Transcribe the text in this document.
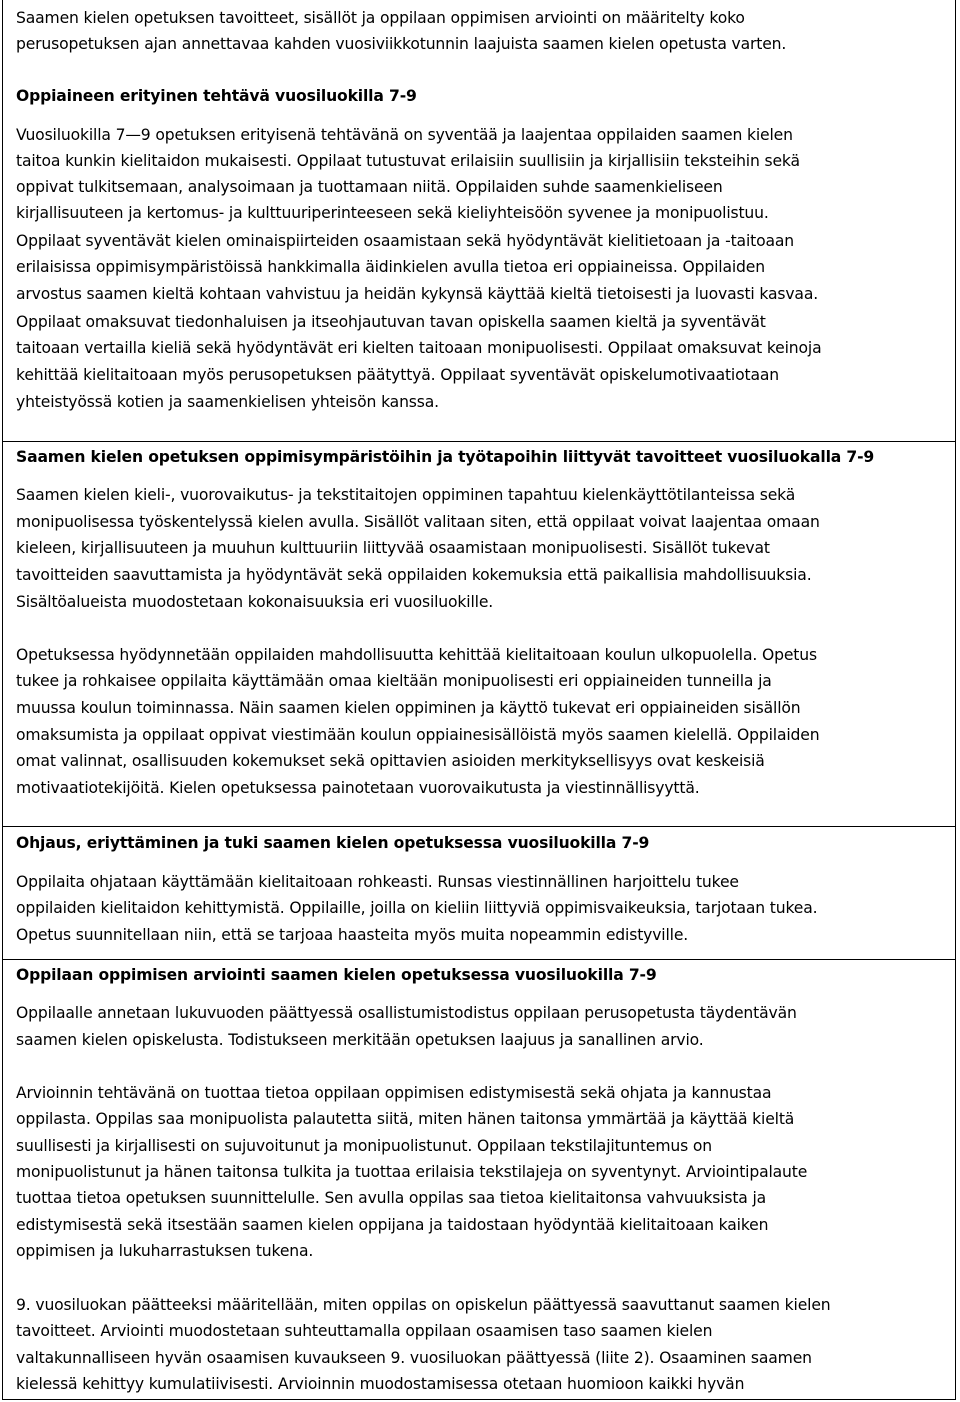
Saamen kielen opetuksen tavoitteet, sisällöt ja oppilaan oppimisen arviointi on määritelty koko

perusopetuksen ajan annettavaa kahden vuosiviikkotunnin laajuista saamen kielen opetusta varten.

Oppiaineen erityinen tehtävä vuosiluokilla 7-9

Vuosiluokilla 7—9 opetuksen erityisenä tehtävänä on syventää ja laajentaa oppilaiden saamen kielen

taitoa kunkin kielitaidon mukaisesti. Oppilaat tutustuvat erilaisiin suullisiin ja kirjallisiin teksteihin sekä

oppivat tulkitsemaan, analysoimaan ja tuottamaan niitä. Oppilaiden suhde saamenkieliseen

kirjallisuuteen ja kertomus- ja kulttuuriperinteeseen sekä kieliyhteisöön syvenee ja monipuolistuu.

Oppilaat syventävät kielen ominaispiirteiden osaamistaan sekä hyödyntävät kielitietoaan ja -taitoaan

erilaisissa oppimisympäristöissä hankkimalla äidinkielen avulla tietoa eri oppiaineissa. Oppilaiden

arvostus saamen kieltä kohtaan vahvistuu ja heidän kykynsä käyttää kieltä tietoisesti ja luovasti kasvaa.

Oppilaat omaksuvat tiedonhaluisen ja itseohjautuvan tavan opiskella saamen kieltä ja syventävät

taitoaan vertailla kieliä sekä hyödyntävät eri kielten taitoaan monipuolisesti. Oppilaat omaksuvat keinoja

kehittää kielitaitoaan myös perusopetuksen päätyttyä. Oppilaat syventävät opiskelumotivaatiotaan

yhteistyössä kotien ja saamenkielisen yhteisön kanssa.

Saamen kielen opetuksen oppimisympäristöihin ja työtapoihin liittyvät tavoitteet vuosiluokalla 7-9

Saamen kielen kieli-, vuorovaikutus- ja tekstitaitojen oppiminen tapahtuu kielenkäyttötilanteissa sekä

monipuolisessa työskentelyssä kielen avulla. Sisällöt valitaan siten, että oppilaat voivat laajentaa omaan

kieleen, kirjallisuuteen ja muuhun kulttuuriin liittyvää osaamistaan monipuolisesti. Sisällöt tukevat

tavoitteiden saavuttamista ja hyödyntävät sekä oppilaiden kokemuksia että paikallisia mahdollisuuksia.

Sisältöalueista muodostetaan kokonaisuuksia eri vuosiluokille.

Opetuksessa hyödynnetään oppilaiden mahdollisuutta kehittää kielitaitoaan koulun ulkopuolella. Opetus

tukee ja rohkaisee oppilaita käyttämään omaa kieltään monipuolisesti eri oppiaineiden tunneilla ja

muussa koulun toiminnassa. Näin saamen kielen oppiminen ja käyttö tukevat eri oppiaineiden sisällön

omaksumista ja oppilaat oppivat viestimään koulun oppiainesisällöistä myös saamen kielellä. Oppilaiden

omat valinnat, osallisuuden kokemukset sekä opittavien asioiden merkityksellisyys ovat keskeisiä

motivaatiotekijöitä. Kielen opetuksessa painotetaan vuorovaikutusta ja viestinnällisyyttä.

Ohjaus, eriyttäminen ja tuki saamen kielen opetuksessa vuosiluokilla 7-9

Oppilaita ohjataan käyttämään kielitaitoaan rohkeasti. Runsas viestinnällinen harjoittelu tukee

oppilaiden kielitaidon kehittymistä. Oppilaille, joilla on kieliin liittyviä oppimisvaikeuksia, tarjotaan tukea.

Opetus suunnitellaan niin, että se tarjoaa haasteita myös muita nopeammin edistyville.

Oppilaan oppimisen arviointi saamen kielen opetuksessa vuosiluokilla 7-9

Oppilaalle annetaan lukuvuoden päättyessä osallistumistodistus oppilaan perusopetusta täydentävän

saamen kielen opiskelusta. Todistukseen merkitään opetuksen laajuus ja sanallinen arvio.

Arvioinnin tehtävänä on tuottaa tietoa oppilaan oppimisen edistymisestä sekä ohjata ja kannustaa

oppilasta. Oppilas saa monipuolista palautetta siitä, miten hänen taitonsa ymmärtää ja käyttää kieltä

suullisesti ja kirjallisesti on sujuvoitunut ja monipuolistunut. Oppilaan tekstilajituntemus on

monipuolistunut ja hänen taitonsa tulkita ja tuottaa erilaisia tekstilajeja on syventynyt. Arviointipalaute

tuottaa tietoa opetuksen suunnittelulle. Sen avulla oppilas saa tietoa kielitaitonsa vahvuuksista ja

edistymisestä sekä itsestään saamen kielen oppijana ja taidostaan hyödyntää kielitaitoaan kaiken

oppimisen ja lukuharrastuksen tukena.

9. vuosiluokan päätteeksi määritellään, miten oppilas on opiskelun päättyessä saavuttanut saamen kielen

tavoitteet. Arviointi muodostetaan suhteuttamalla oppilaan osaamisen taso saamen kielen

valtakunnalliseen hyvän osaamisen kuvaukseen 9. vuosiluokan päättyessä (liite 2). Osaaminen saamen

kielessä kehittyy kumulatiivisesti. Arvioinnin muodostamisessa otetaan huomioon kaikki hyvän
